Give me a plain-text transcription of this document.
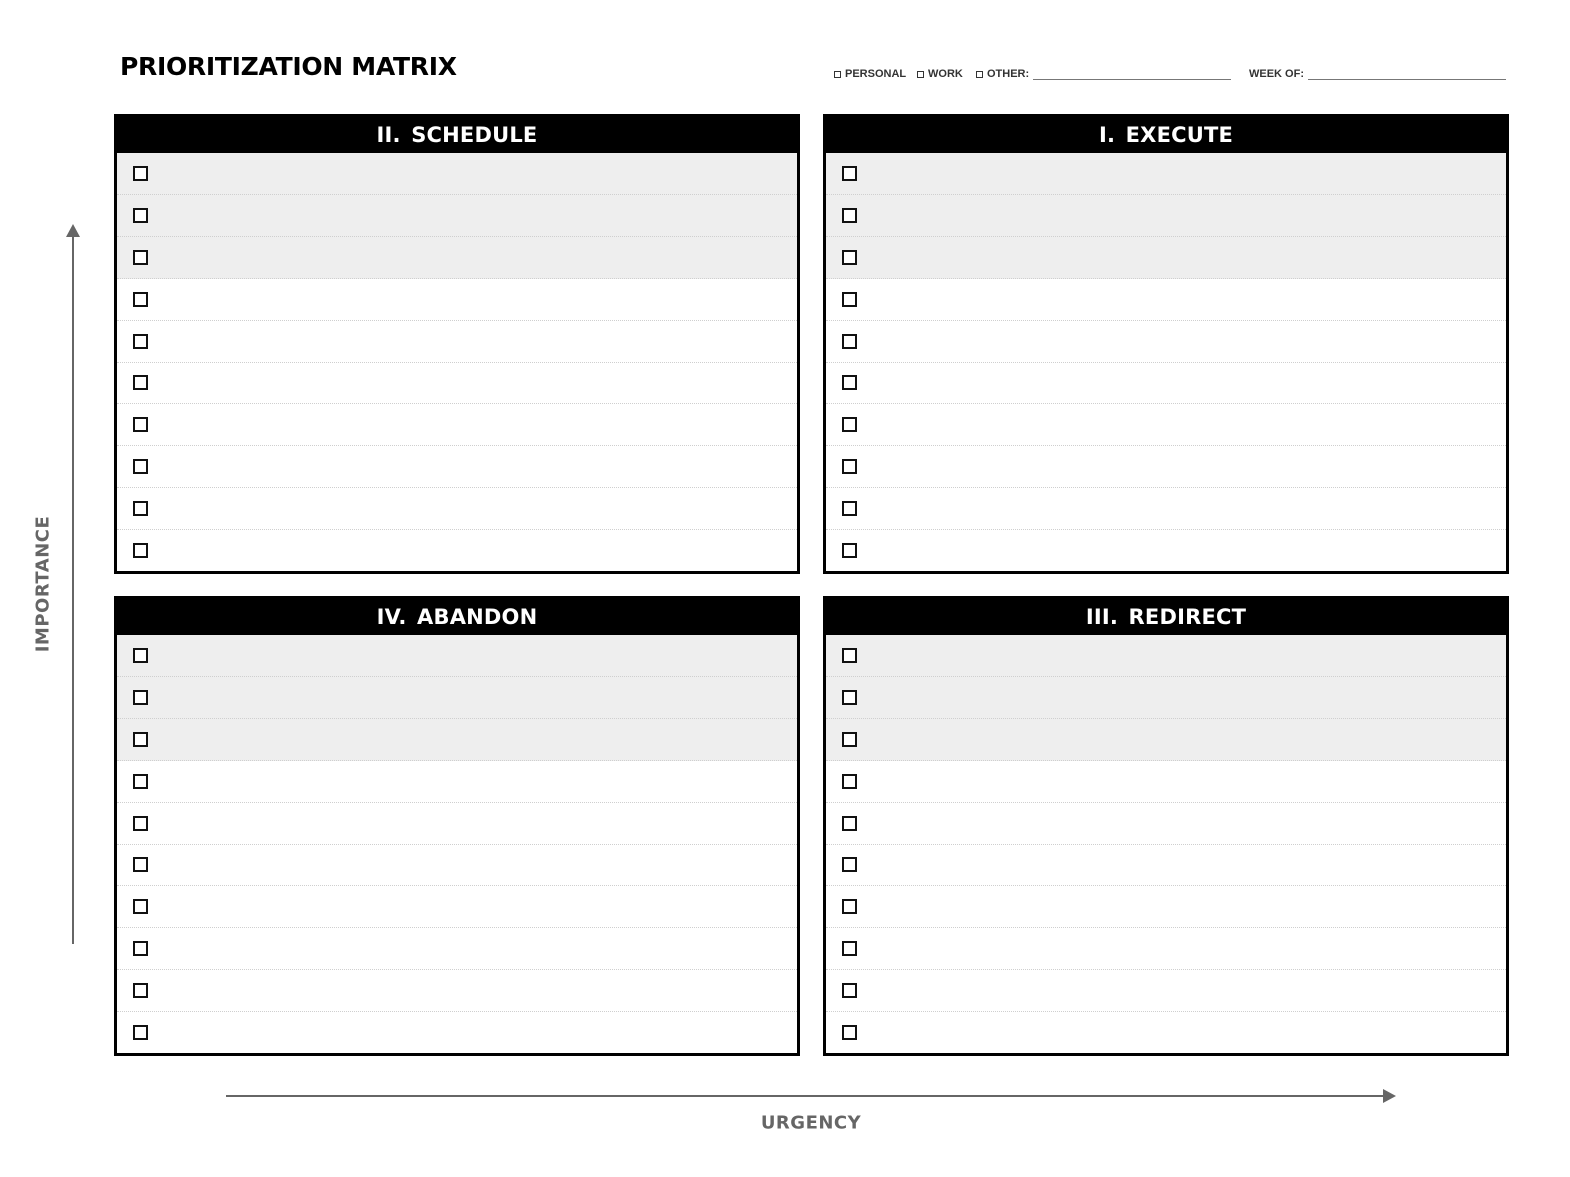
PRIORITIZATION MATRIX	PERSONAL WORK OTHER:	WEEK OF:
II. SCHEDULE	I. EXECUTE
IV. ABANDON	III. REDIRECT
IMPORTANCE
URGENCY
